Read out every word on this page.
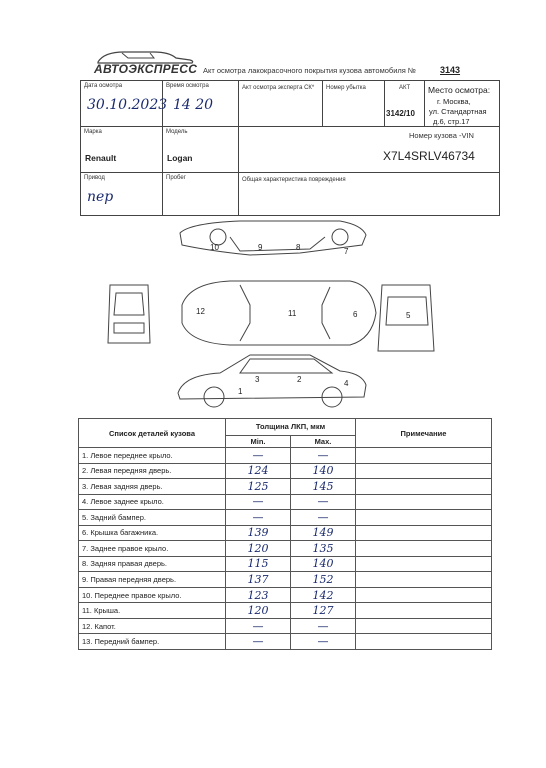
АВТОЭКСПРЕСС Акт осмотра лакокрасочного покрытия кузова автомобиля №	3143
Дата осмотра
30.10.2023
Время осмотра
14 20
Акт осмотра эксперта СК* Номер убытка	АКТ
3142/10
Место осмотра:
г. Москва,
ул. Стандартная
д.6, стр.17
Марка
Renault
Модель
Logan
Номер кузова -VIN
X7L4SRLV46734
Привод
пер
Пробег	Общая характеристика повреждения
10	9	8	7
12	11	6	5
3	2
1
4
Список деталей кузова	Толщина ЛКП, мкм		Примечание
	Min.	Max.	
1. Левое переднее крыло.	—	—	
2. Левая передняя дверь.	124	140	
3. Левая задняя дверь.	125	145	
4. Левое заднее крыло.	—	—	
5. Задний бампер.	—	—	
6. Крышка багажника.	139	149	
7. Заднее правое крыло.	120	135	
8. Задняя правая дверь.	115	140	
9. Правая передняя дверь.	137	152	
10. Переднее правое крыло.	123	142	
11. Крыша.	120	127	
12. Капот.	—	—	
13. Передний бампер.	—	—	
